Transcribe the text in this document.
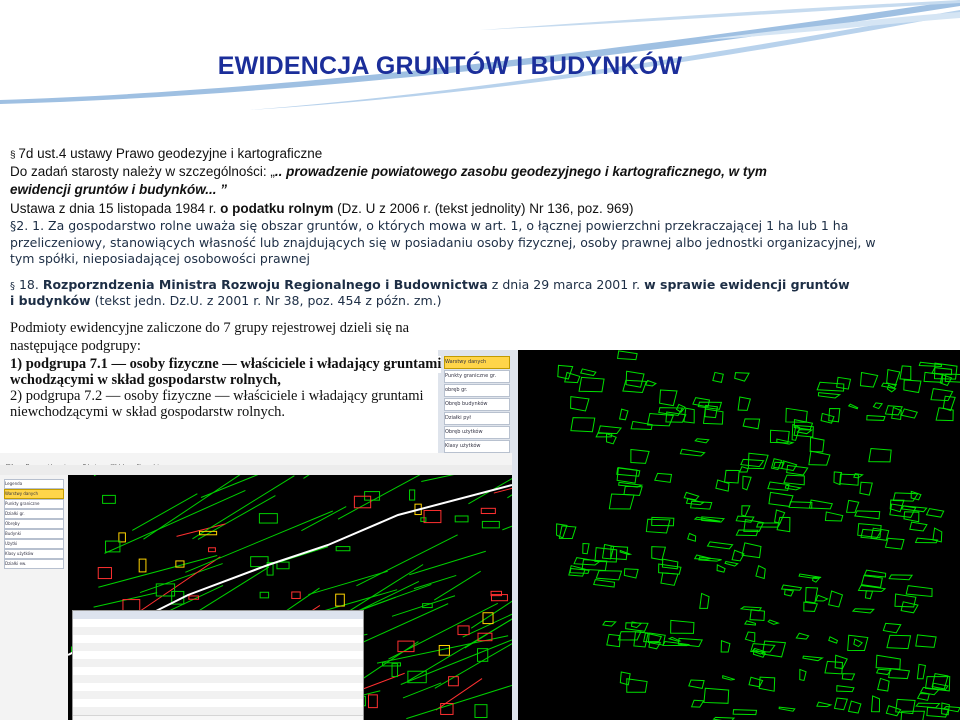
EWIDENCJA GRUNTÓW I BUDYNKÓW
§ 7d ust.4 ustawy Prawo geodezyjne i kartograficzne
Do zadań starosty należy w szczególności: „.. prowadzenie powiatowego zasobu geodezyjnego i kartograficznego, w tym
ewidencji gruntów i budynków... ”
Ustawa z dnia 15 listopada 1984 r. o podatku rolnym (Dz. U z 2006 r. (tekst jednolity) Nr 136, poz. 969)
§2. 1. Za gospodarstwo rolne uważa się obszar gruntów, o których mowa w art. 1, o łącznej powierzchni przekraczającej 1 ha lub 1 ha
przeliczeniowy, stanowiących własność lub znajdujących się w posiadaniu osoby fizycznej, osoby prawnej albo jednostki organizacyjnej, w
tym spółki, nieposiadającej osobowości prawnej
§ 18. Rozporzndzenia Ministra Rozwoju Regionalnego i Budownictwa z dnia 29 marca 2001 r. w sprawie ewidencji gruntów
i budynków (tekst jedn. Dz.U. z 2001 r. Nr 38, poz. 454 z późn. zm.)
Warstwy danych
Punkty graniczne gr.
obręb gr.
Obręb budynków
Działki pył
Obręb użytków
Klasy użytków
Podmioty ewidencyjne zaliczone do 7 grupy rejestrowej dzieli się na
następujące podgrupy:
1) podgrupa 7.1 — osoby fizyczne — właściciele i władający gruntami
wchodzącymi w skład gospodarstw rolnych,
2) podgrupa 7.2 — osoby fizyczne — właściciele i władający gruntami
niewchodzącymi w skład gospodarstw rolnych.
Legenda
Warstwy danych
Punkty graniczne
Działki gr.
Obręby
Budynki
Użytki
Klasy użytków
Działki ew.
